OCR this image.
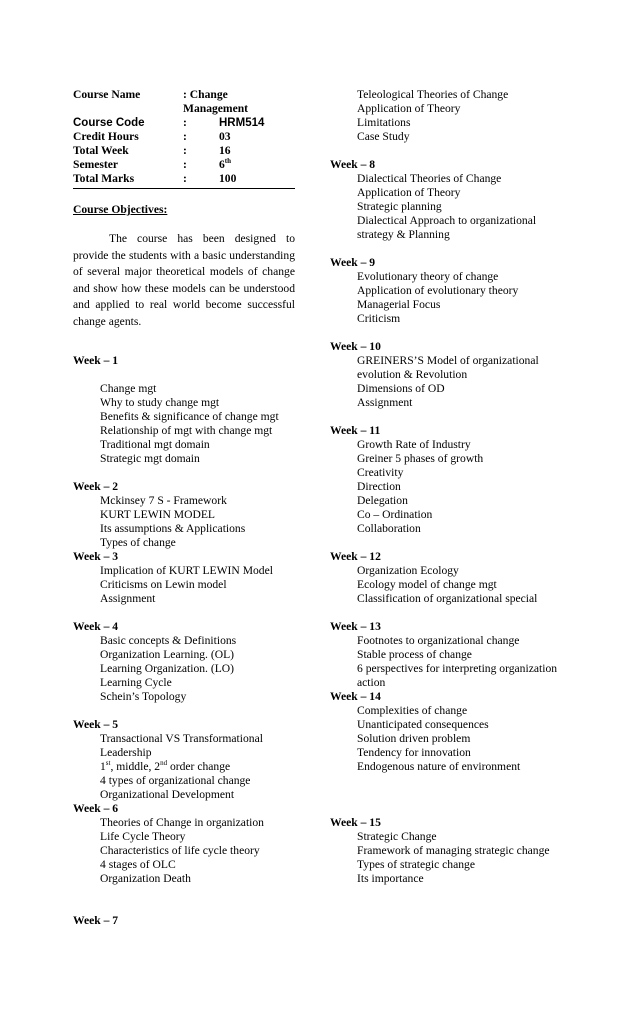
Course Name	: Change Management
Course Code	:	HRM514
Credit Hours	:	03
Total Week	:	16
Semester	:	6th
Total Marks	:	100
Course Objectives:
The course has been designed to provide the students with a basic understanding of several major theoretical models of change and show how these models can be understood and applied to real world become successful change agents.
Week – 1
Change mgt
Why to study change mgt
Benefits & significance of change mgt
Relationship of mgt with change mgt
Traditional mgt domain
Strategic mgt domain
Week – 2
Mckinsey 7 S - Framework
KURT LEWIN MODEL
Its assumptions & Applications
Types of change
Week – 3
Implication of KURT LEWIN Model
Criticisms on Lewin model
Assignment
Week – 4
Basic concepts & Definitions
Organization Learning. (OL)
Learning Organization. (LO)
Learning Cycle
Schein’s Topology
Week – 5
Transactional VS Transformational Leadership
1st, middle, 2nd order change
4 types of organizational change
Organizational Development
Week – 6
Theories of Change in organization
Life Cycle Theory
Characteristics of life cycle theory
4 stages of OLC
Organization Death
Week – 7
Teleological Theories of Change
Application of Theory
Limitations
Case Study
Week – 8
Dialectical Theories of Change
Application of Theory
Strategic planning
Dialectical Approach to organizational strategy & Planning
Week – 9
Evolutionary theory of change
Application of evolutionary theory
Managerial Focus
Criticism
Week – 10
GREINERS’S Model of organizational evolution & Revolution
Dimensions of OD
Assignment
Week – 11
Growth Rate of Industry
Greiner 5 phases of growth
Creativity
Direction
Delegation
Co – Ordination
Collaboration
Week – 12
Organization Ecology
Ecology model of change mgt
Classification of organizational special
Week – 13
Footnotes to organizational change
Stable process of change
6 perspectives for interpreting organization action
Week – 14
Complexities of change
Unanticipated consequences
Solution driven problem
Tendency for innovation
Endogenous nature of environment
Week – 15
Strategic Change
Framework of managing strategic change
Types of strategic change
Its importance
